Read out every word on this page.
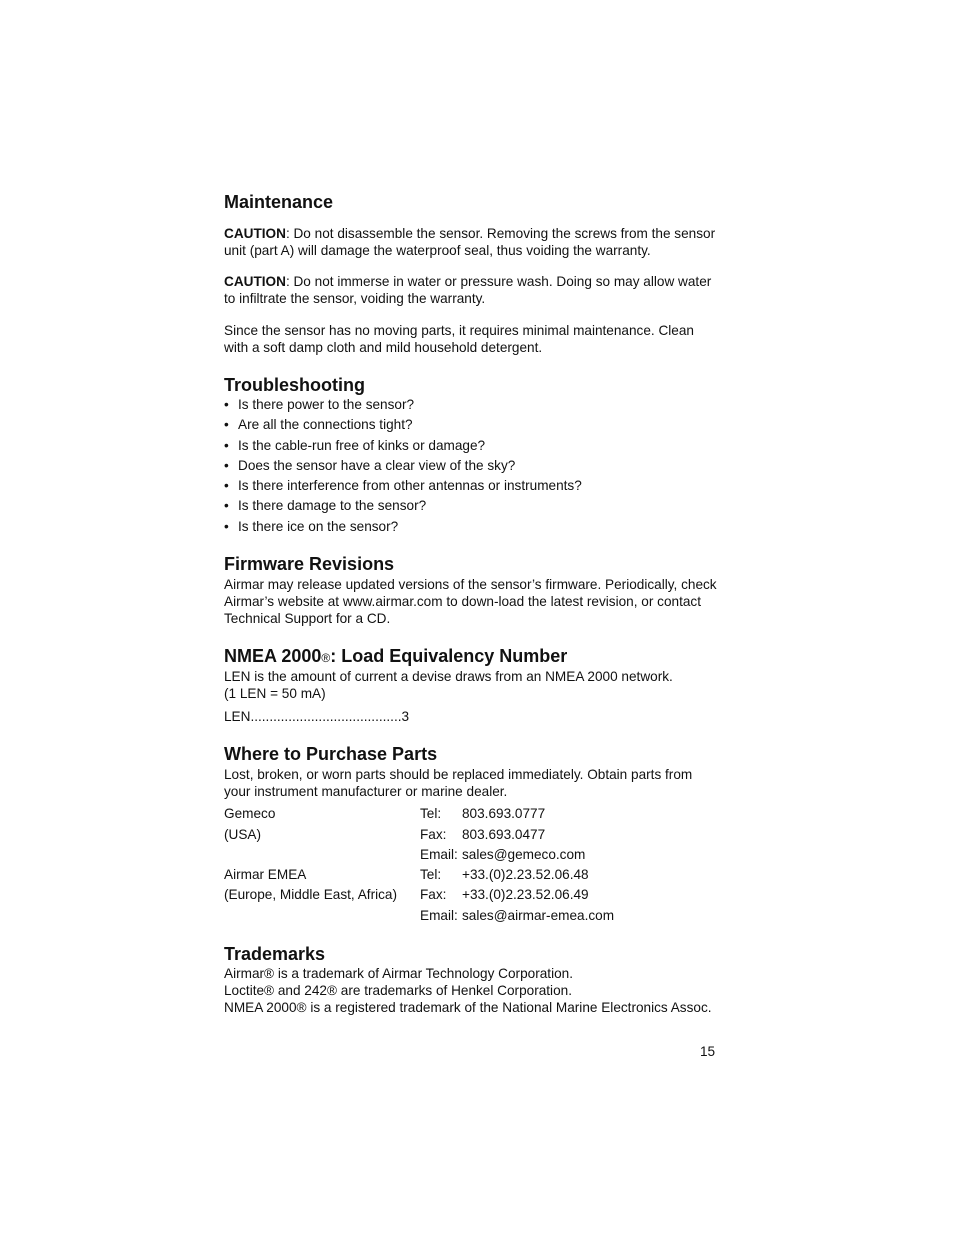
Maintenance

CAUTION: Do not disassemble the sensor. Removing the screws from the sensor
unit (part A) will damage the waterproof seal, thus voiding the warranty.

CAUTION: Do not immerse in water or pressure wash. Doing so may allow water
to infiltrate the sensor, voiding the warranty.

Since the sensor has no moving parts, it requires minimal maintenance. Clean
with a soft damp cloth and mild household detergent.

Troubleshooting
• Is there power to the sensor?
• Are all the connections tight?
• Is the cable-run free of kinks or damage?
• Does the sensor have a clear view of the sky?
• Is there interference from other antennas or instruments?
• Is there damage to the sensor?
• Is there ice on the sensor?
Firmware Revisions

Airmar may release updated versions of the sensor’s firmware. Periodically, check
Airmar’s website at www.airmar.com to down-load the latest revision, or contact
Technical Support for a CD.

NMEA 2000®: Load Equivalency Number

LEN is the amount of current a devise draws from an NMEA 2000 network.
(1 LEN = 50 mA)

LEN........................................3

Where to Purchase Parts

Lost, broken, or worn parts should be replaced immediately. Obtain parts from
your instrument manufacturer or marine dealer.

Gemeco	Tel: 803.693.0777
(USA)	Fax: 803.693.0477
Email: sales@gemeco.com
Airmar EMEA	Tel: +33.(0)2.23.52.06.48
(Europe, Middle East, Africa) Fax: +33.(0)2.23.52.06.49
Email: sales@airmar-emea.com
Trademarks

Airmar® is a trademark of Airmar Technology Corporation.
Loctite® and 242® are trademarks of Henkel Corporation.
NMEA 2000® is a registered trademark of the National Marine Electronics Assoc.

15
